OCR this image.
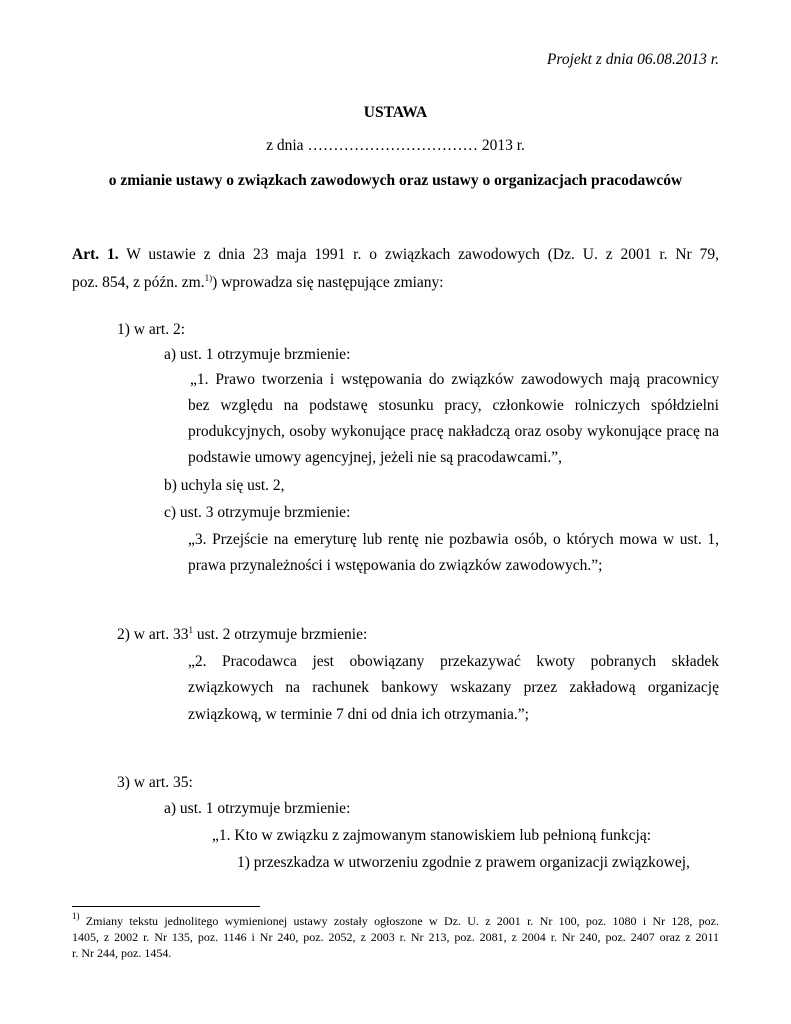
Projekt z dnia 06.08.2013 r.
USTAWA
z dnia …………………………… 2013 r.
o zmianie ustawy o związkach zawodowych oraz ustawy o organizacjach pracodawców
Art. 1. W ustawie z dnia 23 maja 1991 r. o związkach zawodowych (Dz. U. z 2001 r. Nr 79,
poz. 854, z późn. zm.$^{1)}$) wprowadza się następujące zmiany:
1) w art. 2:
a) ust. 1 otrzymuje brzmienie:
„1. Prawo tworzenia i wstępowania do związków zawodowych mają pracownicy
bez względu na podstawę stosunku pracy, członkowie rolniczych spółdzielni
produkcyjnych, osoby wykonujące pracę nakładczą oraz osoby wykonujące pracę na
podstawie umowy agencyjnej, jeżeli nie są pracodawcami.”,
b) uchyla się ust. 2,
c) ust. 3 otrzymuje brzmienie:
„3. Przejście na emeryturę lub rentę nie pozbawia osób, o których mowa w ust. 1,
prawa przynależności i wstępowania do związków zawodowych.”;
2) w art. $33^1$ ust. 2 otrzymuje brzmienie:
„2. Pracodawca jest obowiązany przekazywać kwoty pobranych składek
związkowych na rachunek bankowy wskazany przez zakładową organizację
związkową, w terminie 7 dni od dnia ich otrzymania.”;
3) w art. 35:
a) ust. 1 otrzymuje brzmienie:
„1. Kto w związku z zajmowanym stanowiskiem lub pełnioną funkcją:
1) przeszkadza w utworzeniu zgodnie z prawem organizacji związkowej,
$^{1)}$ Zmiany tekstu jednolitego wymienionej ustawy zostały ogłoszone w Dz. U. z 2001 r. Nr 100, poz. 1080 i Nr 128, poz.
1405, z 2002 r. Nr 135, poz. 1146 i Nr 240, poz. 2052, z 2003 r. Nr 213, poz. 2081, z 2004 r. Nr 240, poz. 2407 oraz z 2011
r. Nr 244, poz. 1454.
